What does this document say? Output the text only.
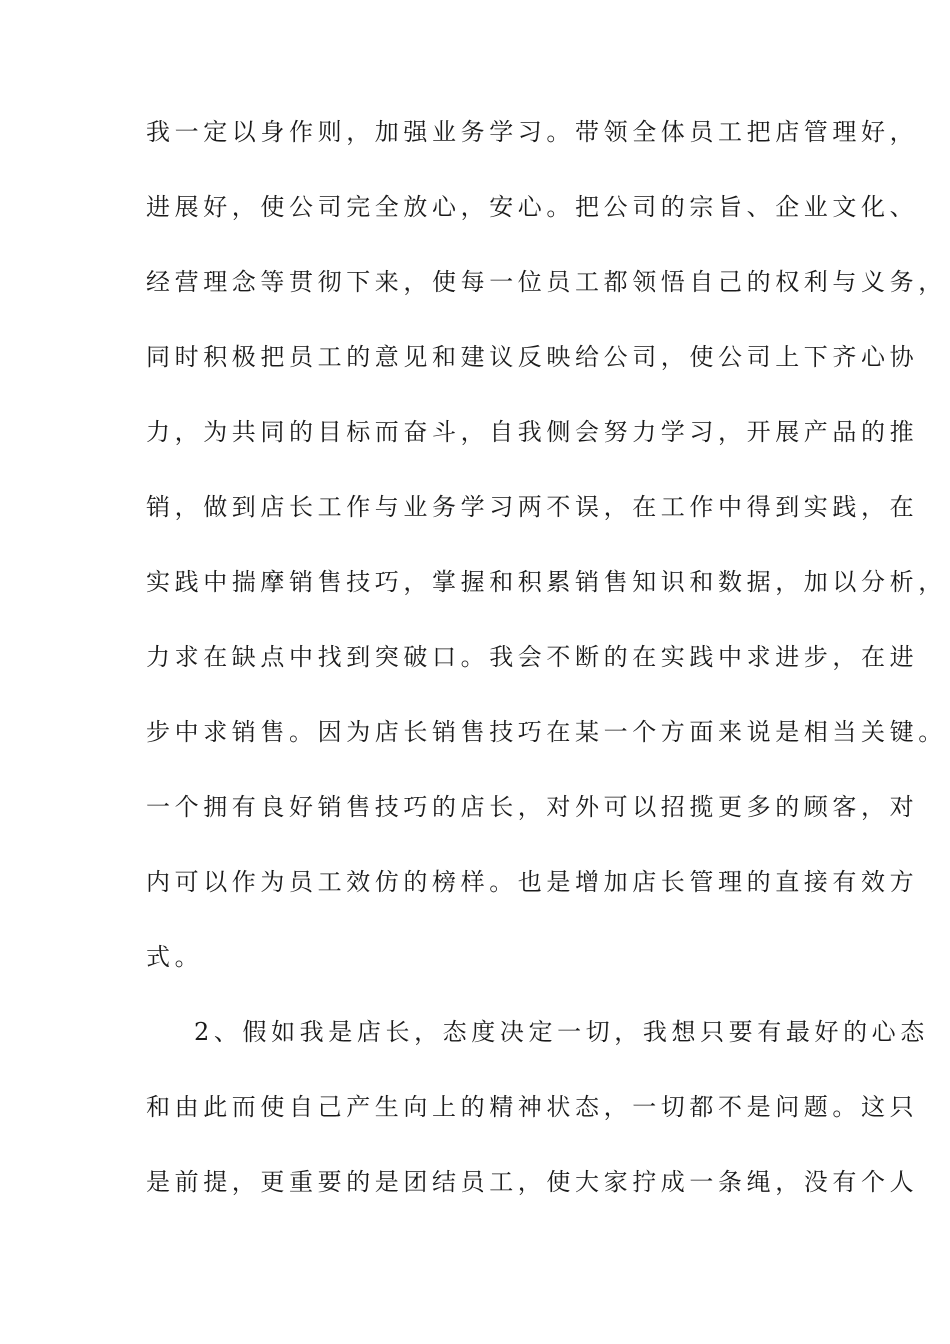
我一定以身作则，加强业务学习。带领全体员工把店管理好，
进展好，使公司完全放心，安心。把公司的宗旨、企业文化、
经营理念等贯彻下来，使每一位员工都领悟自己的权利与义务，
同时积极把员工的意见和建议反映给公司，使公司上下齐心协
力，为共同的目标而奋斗，自我侧会努力学习，开展产品的推
销，做到店长工作与业务学习两不误，在工作中得到实践，在
实践中揣摩销售技巧，掌握和积累销售知识和数据，加以分析，
力求在缺点中找到突破口。我会不断的在实践中求进步，在进
步中求销售。因为店长销售技巧在某一个方面来说是相当关键。
一个拥有良好销售技巧的店长，对外可以招揽更多的顾客，对
内可以作为员工效仿的榜样。也是增加店长管理的直接有效方
式。
2、假如我是店长，态度决定一切，我想只要有最好的心态
和由此而使自己产生向上的精神状态，一切都不是问题。这只
是前提，更重要的是团结员工，使大家拧成一条绳，没有个人
